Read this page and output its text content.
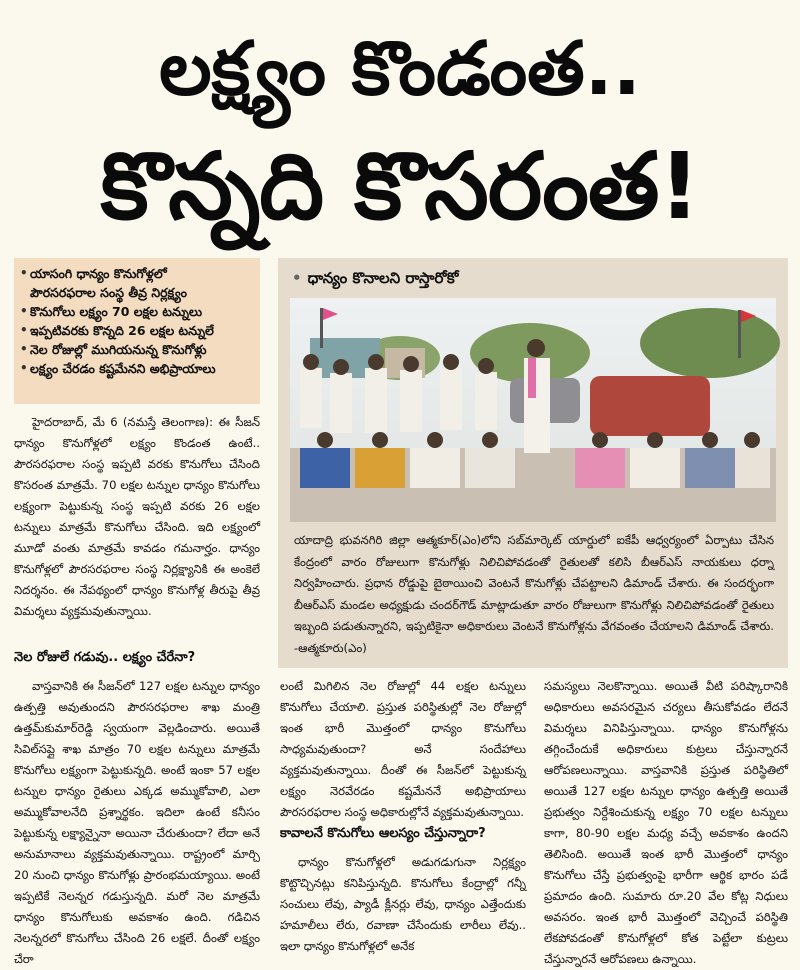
లక్ష్యం కొండంత..
కొన్నది కొసరంత!
• యాసంగి ధాన్యం కొనుగోళ్లలో
పౌరసరఫరాల సంస్థ తీవ్ర నిర్లక్ష్యం
• కొనుగోలు లక్ష్యం 70 లక్షల టన్నులు
• ఇప్పటివరకు కొన్నది 26 లక్షల టన్నులే
• నెల రోజుల్లో ముగియనున్న కొనుగోళ్లు
• లక్ష్యం చేరడం కష్టమేనని అభిప్రాయాలు

హైదరాబాద్, మే 6 (నమస్తే తెలంగాణ): ఈ సీజన్ ధాన్యం కొనుగోళ్లలో లక్ష్యం కొండంత ఉంటే.. పౌరసరఫరాల సంస్థ ఇప్పటి వరకు కొనుగోలు చేసింది కొసరంత మాత్రమే. 70 లక్షల టన్నుల ధాన్యం కొనుగోలు లక్ష్యంగా పెట్టుకున్న సంస్థ ఇప్పటి వరకు 26 లక్షల టన్నులు మాత్రమే కొనుగోలు చేసింది. ఇది లక్ష్యంలో మూడో వంతు మాత్రమే కావడం గమనార్హం. ధాన్యం కొనుగోళ్లలో పౌరసరఫరాల సంస్థ నిర్లక్ష్యానికి ఈ అంకెలే నిదర్శనం. ఈ నేపథ్యంలో ధాన్యం కొనుగోళ్ల తీరుపై తీవ్ర విమర్శలు వ్యక్తమవుతున్నాయి.

• ధాన్యం కొనాలని రాస్తారోకో
యాదాద్రి భువనగిరి జిల్లా ఆత్మకూర్(ఎం)లోని సబ్‌మార్కెట్ యార్డులో ఐకేపీ ఆధ్వర్యంలో ఏర్పాటు చేసిన కేంద్రంలో వారం రోజులుగా కొనుగోళ్లు నిలిచిపోవడంతో రైతులతో కలిసి బీఆర్ఎస్ నాయకులు ధర్నా నిర్వహించారు. ప్రధాన రోడ్డుపై బైఠాయించి వెంటనే కొనుగోళ్లు చేపట్టాలని డిమాండ్ చేశారు. ఈ సందర్భంగా బీఆర్ఎస్ మండల అధ్యక్షుడు చందర్‌గౌడ్ మాట్లాడుతూ వారం రోజులుగా కొనుగోళ్లు నిలిచిపోవడంతో రైతులు ఇబ్బంది పడుతున్నారని, ఇప్పటికైనా అధికారులు వెంటనే కొనుగోళ్లను వేగవంతం చేయాలని డిమాండ్ చేశారు. -ఆత్మకూరు(ఎం)
నెల రోజులే గడువు.. లక్ష్యం చేరేనా?

వాస్తవానికి ఈ సీజన్‌లో 127 లక్షల టన్నుల ధాన్యం ఉత్పత్తి అవుతుందని పౌరసరఫరాల శాఖ మంత్రి ఉత్తమ్‌కుమార్‌రెడ్డి స్వయంగా వెల్లడించారు. అయితే సివిల్‌సప్లై శాఖ మాత్రం 70 లక్షల టన్నులు మాత్రమే కొనుగోలు లక్ష్యంగా పెట్టుకున్నది. అంటే ఇంకా 57 లక్షల టన్నుల ధాన్యం రైతులు ఎక్కడ అమ్ముకోవాలి, ఎలా అమ్ముకోవాలనేది ప్రశ్నార్థకం. ఇదిలా ఉంటే కనీసం పెట్టుకున్న లక్ష్యాన్నైనా అయినా చేరుతుందా? లేదా అనే అనుమానాలు వ్యక్తమవుతున్నాయి. రాష్ట్రంలో మార్చి 20 నుంచి ధాన్యం కొనుగోళ్లు ప్రారంభమయ్యాయి. అంటే ఇప్పటికే నెలన్నర గడుస్తున్నది. మరో నెల మాత్రమే ధాన్యం కొనుగోలుకు అవకాశం ఉంది. గడిచిన నెలన్నరలో కొనుగోలు చేసింది 26 లక్షలే. దీంతో లక్ష్యం చేరా

లంటే మిగిలిన నెల రోజుల్లో 44 లక్షల టన్నులు కొనుగోలు చేయాలి. ప్రస్తుత పరిస్థితుల్లో నెల రోజుల్లో ఇంత భారీ మొత్తంలో ధాన్యం కొనుగోలు సాధ్యమవుతుందా? అనే సందేహాలు వ్యక్తమవుతున్నాయి. దీంతో ఈ సీజన్‌లో పెట్టుకున్న లక్ష్యం నెరవేరడం కష్టమేననే అభిప్రాయాలు పౌరసరఫరాల సంస్థ అధికారుల్లోనే వ్యక్తమవుతున్నాయి.

కావాలనే కొనుగోలు ఆలస్యం చేస్తున్నారా?

ధాన్యం కొనుగోళ్లలో అడుగడుగునా నిర్లక్ష్యం కొట్టొచ్చినట్లు కనిపిస్తున్నది. కొనుగోలు కేంద్రాల్లో గన్నీ సంచులు లేవు, ప్యాడీ క్లీనర్లు లేవు, ధాన్యం ఎత్తేందుకు హమాలీలు లేరు, రవాణా చేసేందుకు లారీలు లేవు.. ఇలా ధాన్యం కొనుగోళ్లలో అనేక

సమస్యలు నెలకొన్నాయి. అయితే వీటి పరిష్కారానికి అధికారులు అవసరమైన చర్యలు తీసుకోవడం లేదనే విమర్శలు వినిపిస్తున్నాయి. ధాన్యం కొనుగోళ్లను తగ్గించేందుకే అధికారులు కుట్రలు చేస్తున్నారనే ఆరోపణలున్నాయి. వాస్తవానికి ప్రస్తుత పరిస్థితిలో అయితే 127 లక్షల టన్నుల ధాన్యం ఉత్పత్తి అయితే ప్రభుత్వం నిర్దేశించుకున్న లక్ష్యం 70 లక్షల టన్నులు కాగా, 80-90 లక్షల మధ్య వచ్చే అవకాశం ఉందని తెలిసింది. అయితే ఇంత భారీ మొత్తంలో ధాన్యం కొనుగోలు చేస్తే ప్రభుత్వంపై భారీగా ఆర్థిక భారం పడే ప్రమాదం ఉంది. సుమారు రూ.20 వేల కోట్ల నిధులు అవసరం. ఇంత భారీ మొత్తంలో వెచ్చించే పరిస్థితి లేకపోవడంతో కొనుగోళ్లలో కోత పెట్టేలా కుట్రలు చేస్తున్నారనే ఆరోపణలు ఉన్నాయి.
